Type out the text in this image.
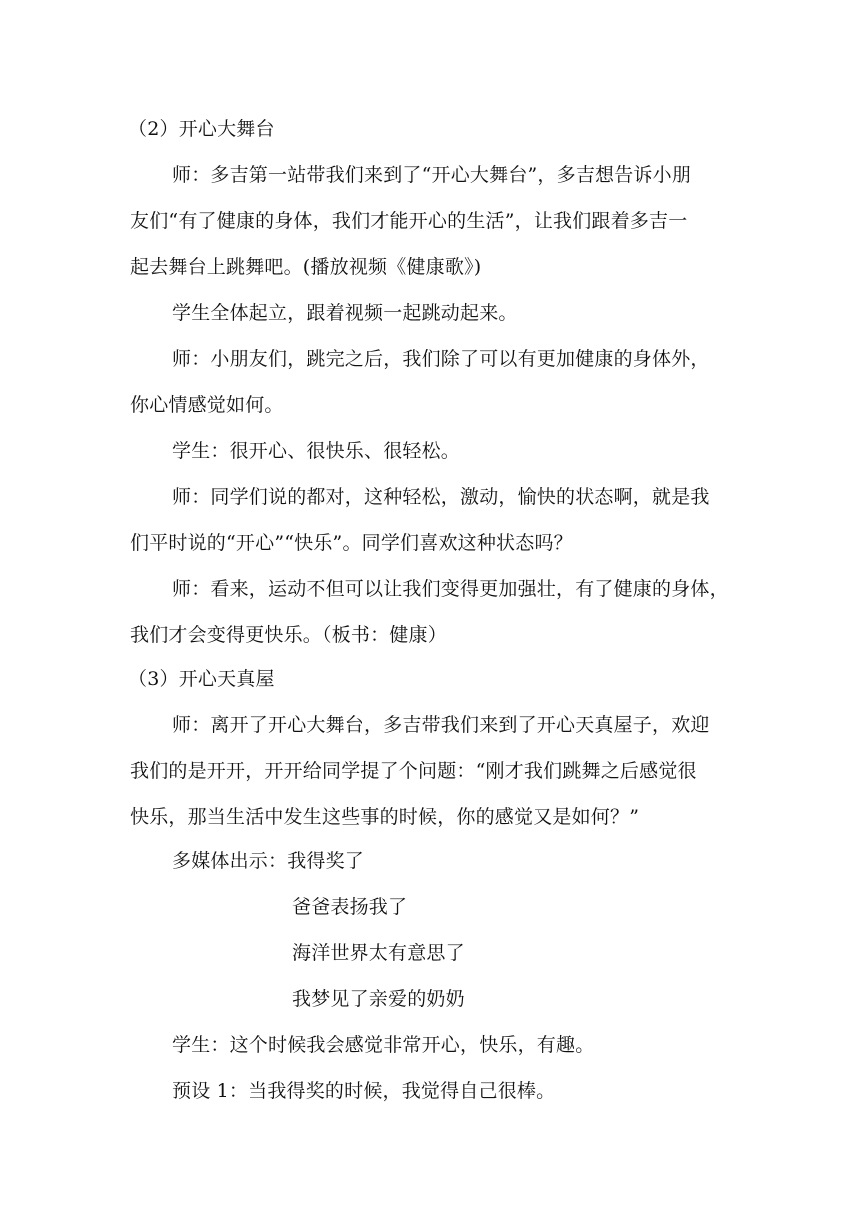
（2）开心大舞台
师：多吉第一站带我们来到了“开心大舞台”，多吉想告诉小朋
友们“有了健康的身体，我们才能开心的生活”，让我们跟着多吉一
起去舞台上跳舞吧。(播放视频《健康歌》)
学生全体起立，跟着视频一起跳动起来。
师：小朋友们，跳完之后，我们除了可以有更加健康的身体外，
你心情感觉如何。
学生：很开心、很快乐、很轻松。
师：同学们说的都对，这种轻松，激动，愉快的状态啊，就是我
们平时说的“开心”“快乐”。同学们喜欢这种状态吗？
师：看来，运动不但可以让我们变得更加强壮，有了健康的身体，
我们才会变得更快乐。（板书：健康）
（3）开心天真屋
师：离开了开心大舞台，多吉带我们来到了开心天真屋子，欢迎
我们的是开开，开开给同学提了个问题：“刚才我们跳舞之后感觉很
快乐，那当生活中发生这些事的时候，你的感觉又是如何？”
多媒体出示：我得奖了
爸爸表扬我了
海洋世界太有意思了
我梦见了亲爱的奶奶
学生：这个时候我会感觉非常开心，快乐，有趣。
预设 1：当我得奖的时候，我觉得自己很棒。
